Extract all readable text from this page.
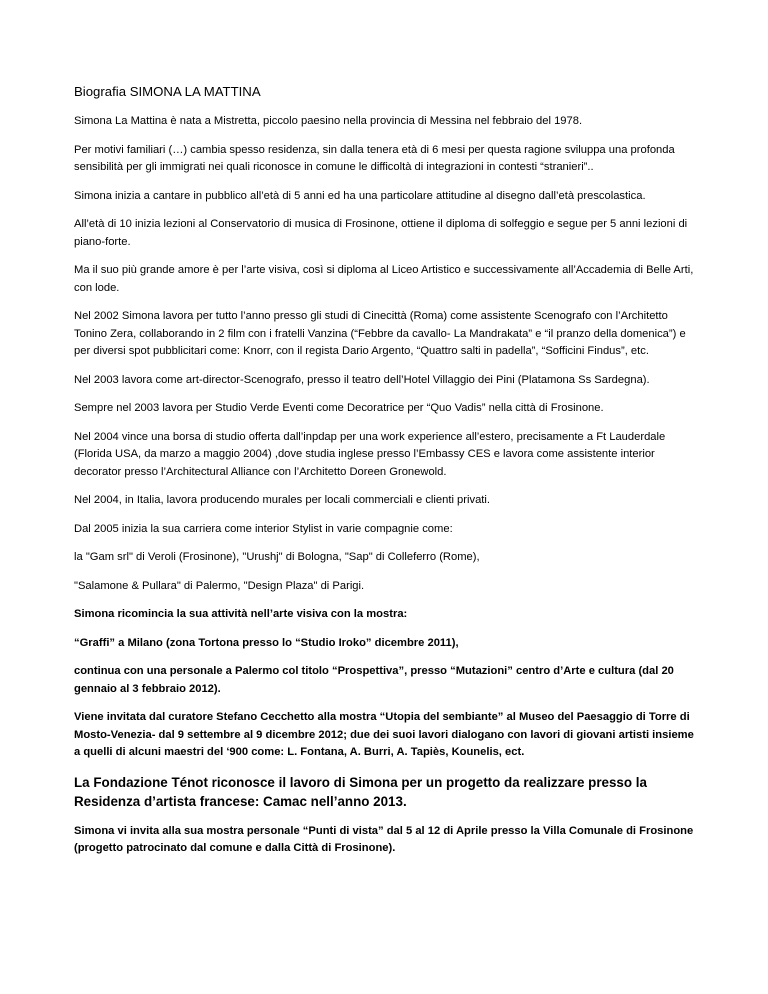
Biografia SIMONA LA MATTINA

Simona La Mattina è nata a Mistretta, piccolo paesino nella provincia di Messina nel febbraio del 1978.

Per motivi familiari (…) cambia spesso residenza, sin dalla tenera età di 6 mesi per questa ragione sviluppa una profonda sensibilità per gli immigrati nei quali riconosce in comune le difficoltà di integrazioni in contesti “stranieri”..

Simona inizia a cantare in pubblico all’età di 5 anni ed ha una particolare attitudine al disegno dall’età prescolastica.

All’età di 10 inizia lezioni al Conservatorio di musica di Frosinone, ottiene il diploma di solfeggio e segue per 5 anni lezioni di piano-forte.

Ma il suo più grande amore è per l’arte visiva, così si diploma al Liceo Artistico e successivamente all’Accademia di Belle Arti, con lode.

Nel 2002 Simona lavora per tutto l’anno presso gli studi di Cinecittà (Roma) come assistente Scenografo con l’Architetto Tonino Zera, collaborando in 2 film con i fratelli Vanzina (“Febbre da cavallo- La Mandrakata” e “il pranzo della domenica”) e per diversi spot pubblicitari come: Knorr, con il regista Dario Argento, “Quattro salti in padella”, “Sofficini Findus”, etc.

Nel 2003 lavora come art-director-Scenografo, presso il teatro dell’Hotel Villaggio dei Pini (Platamona Ss Sardegna).

Sempre nel 2003 lavora per Studio Verde Eventi come Decoratrice per “Quo Vadis” nella città di Frosinone.

Nel 2004 vince una borsa di studio offerta dall’inpdap per una work experience all’estero, precisamente a Ft Lauderdale (Florida USA, da marzo a maggio 2004) ,dove studia inglese presso l’Embassy CES e lavora come assistente interior decorator presso l’Architectural Alliance con l’Architetto Doreen Gronewold.

Nel 2004, in Italia, lavora producendo murales per locali commerciali e clienti privati.

Dal 2005 inizia la sua carriera come interior Stylist in varie compagnie come:

la "Gam srl" di Veroli (Frosinone), "Urushj" di Bologna, "Sap" di Colleferro (Rome),

"Salamone & Pullara" di Palermo, "Design Plaza" di Parigi.

Simona ricomincia la sua attività nell’arte visiva con la mostra:

“Graffi” a Milano (zona Tortona presso lo “Studio Iroko” dicembre 2011),

continua con una personale a Palermo col titolo “Prospettiva”, presso “Mutazioni” centro d’Arte e cultura (dal 20 gennaio al 3 febbraio 2012).

Viene invitata dal curatore Stefano Cecchetto alla mostra “Utopia del sembiante” al Museo del Paesaggio di Torre di Mosto-Venezia- dal 9 settembre al 9 dicembre 2012; due dei suoi lavori dialogano con lavori di giovani artisti insieme a quelli di alcuni maestri del ‘900 come: L. Fontana, A. Burri, A. Tapiès, Kounelis, ect.

La Fondazione Ténot riconosce il lavoro di Simona per un progetto da realizzare presso la Residenza d’artista francese: Camac nell’anno 2013.

Simona vi invita alla sua mostra personale “Punti di vista” dal 5 al 12 di Aprile presso la Villa Comunale di Frosinone (progetto patrocinato dal comune e dalla Città di Frosinone).
